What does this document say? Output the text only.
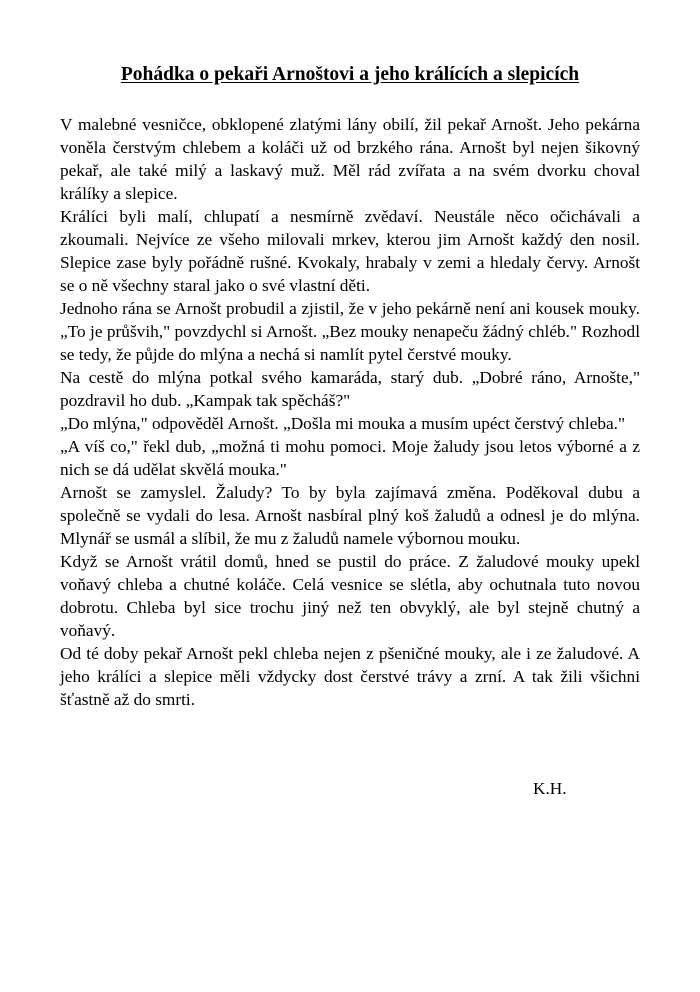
Pohádka o pekaři Arnoštovi a jeho králících a slepicích

V malebné vesničce, obklopené zlatými lány obilí, žil pekař Arnošt. Jeho pekárna voněla čerstvým chlebem a koláči už od brzkého rána. Arnošt byl nejen šikovný pekař, ale také milý a laskavý muž. Měl rád zvířata a na svém dvorku choval králíky a slepice.

Králíci byli malí, chlupatí a nesmírně zvědaví. Neustále něco očichávali a zkoumali. Nejvíce ze všeho milovali mrkev, kterou jim Arnošt každý den nosil. Slepice zase byly pořádně rušné. Kvokaly, hrabaly v zemi a hledaly červy. Arnošt se o ně všechny staral jako o své vlastní děti.

Jednoho rána se Arnošt probudil a zjistil, že v jeho pekárně není ani kousek mouky. „To je průšvih," povzdychl si Arnošt. „Bez mouky nenapeču žádný chléb." Rozhodl se tedy, že půjde do mlýna a nechá si namlít pytel čerstvé mouky.

Na cestě do mlýna potkal svého kamaráda, starý dub. „Dobré ráno, Arnošte," pozdravil ho dub. „Kampak tak spěcháš?"

„Do mlýna," odpověděl Arnošt. „Došla mi mouka a musím upéct čerstvý chleba."

„A víš co," řekl dub, „možná ti mohu pomoci. Moje žaludy jsou letos výborné a z nich se dá udělat skvělá mouka."

Arnošt se zamyslel. Žaludy? To by byla zajímavá změna. Poděkoval dubu a společně se vydali do lesa. Arnošt nasbíral plný koš žaludů a odnesl je do mlýna. Mlynář se usmál a slíbil, že mu z žaludů namele výbornou mouku.

Když se Arnošt vrátil domů, hned se pustil do práce. Z žaludové mouky upekl voňavý chleba a chutné koláče. Celá vesnice se slétla, aby ochutnala tuto novou dobrotu. Chleba byl sice trochu jiný než ten obvyklý, ale byl stejně chutný a voňavý.

Od té doby pekař Arnošt pekl chleba nejen z pšeničné mouky, ale i ze žaludové. A jeho králíci a slepice měli vždycky dost čerstvé trávy a zrní. A tak žili všichni šťastně až do smrti.

K.H.
